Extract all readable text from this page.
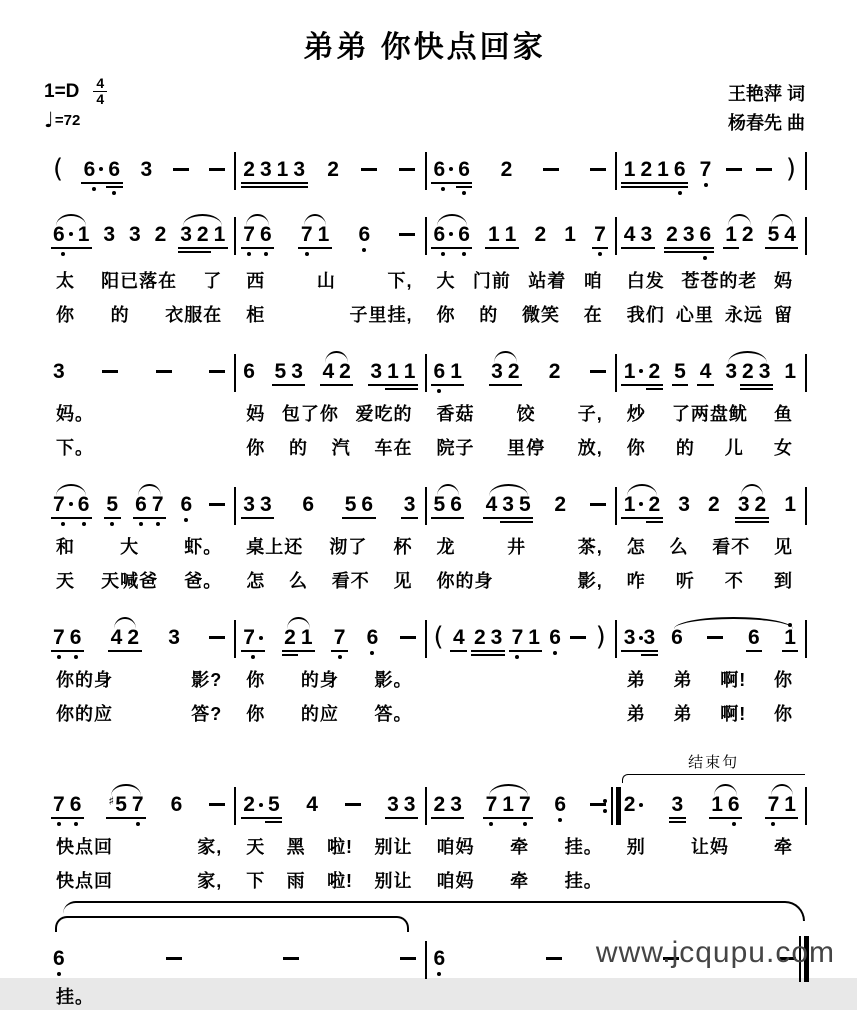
弟弟 你快点回家
$1=D \frac{4}{4}$
♩ =72
王艳萍 词
杨春先 曲
( 6 6 3	2 3 1 3 2	6 6 2	1 2 1 6 7	)
6 1 3 3 2 3 2 1 7 6 7 1 6	6 6 1 1 2 1 7 4 3 2 3 6 1 2 5 4
太 阳已落在 了 西	山	下, 大 门前 站着 咱 白发 苍苍的老 妈
你 的 衣服在 柜	子里挂, 你 的 微笑 在 我们 心里 永远 留
3	6 5 3 4 2 3 1 1 6 1 3 2 2	1 2 5 4 3 2 3 1
妈。	妈 包了你 爱吃的 香菇 饺 子, 炒 了两盘鱿 鱼
下。	你 的 汽 车在 院子 里停 放, 你 的 儿 女
7 6 5 6 7 6 3 3 6 5 6 3 5 6 4 3 5 2	1 2 3 2 3 2 1
和	大	虾。 桌上还 沏了 杯 龙	井	茶, 怎 么 看不 见
天 天喊爸 爸。 怎 么 看不 见 你的身	影, 咋 听 不 到
7 6 4 2 3	7 2 1 7 6 ( 4 2 3 7 1 6 ) 3 3 6	6 1
你的身	影? 你 的身 影。	弟 弟 啊! 你
你的应	答? 你 的应 答。	弟 弟 啊! 你
结束句
7 6 ♯ 5 7 6	2 5 4	3 3 2 3 7 1 7 6	2 3 1 6 7 1
快点回	家, 天 黑 啦! 别让 咱妈 牵 挂。 别	让妈	牵
快点回	家, 下 雨 啦! 别让 咱妈 牵 挂。
6	6
挂。
www.jcqupu.com
